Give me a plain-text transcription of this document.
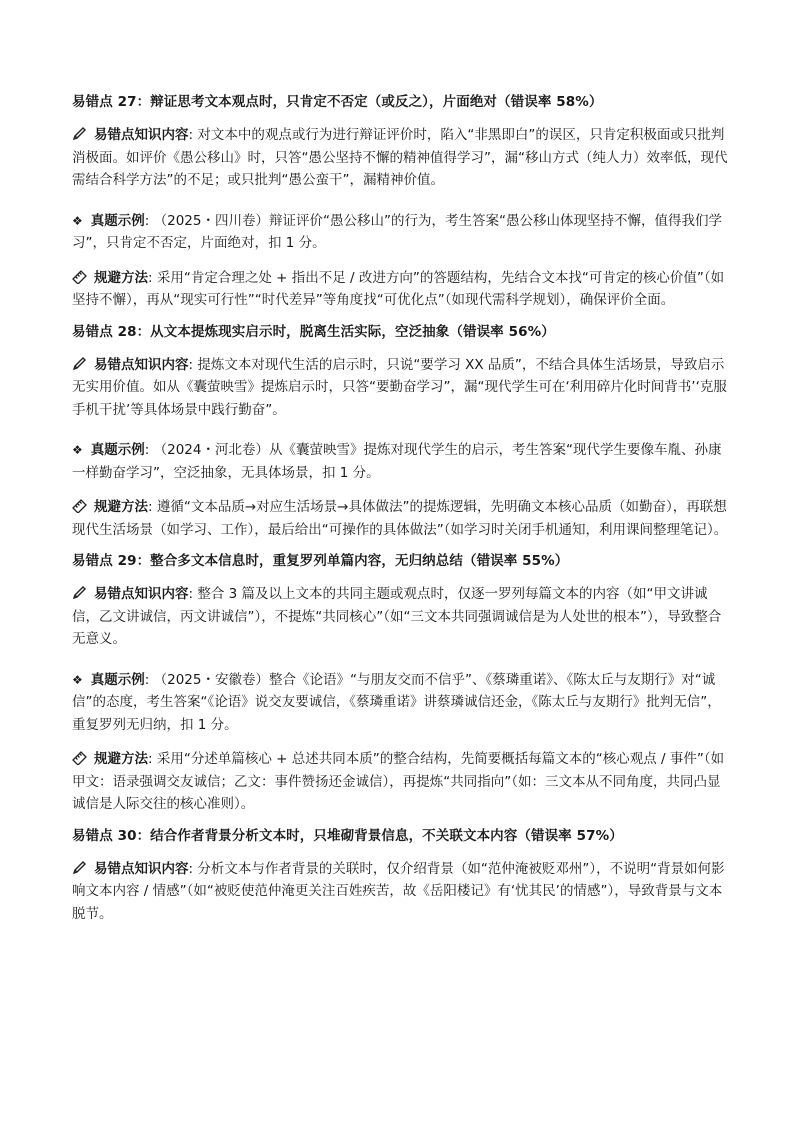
易错点 27：辩证思考文本观点时，只肯定不否定（或反之），片面绝对（错误率 58%）

易错点知识内容: 对文本中的观点或行为进行辩证评价时，陷入“非黑即白”的误区，只肯定积极面或只批判消极面。如评价《愚公移山》时，只答“愚公坚持不懈的精神值得学习”，漏“移山方式（纯人力）效率低，现代需结合科学方法”的不足；或只批判“愚公蛮干”，漏精神价值。

❖ 真题示例: （2025・四川卷）辩证评价“愚公移山”的行为，考生答案“愚公移山体现坚持不懈，值得我们学习”，只肯定不否定，片面绝对，扣 1 分。

规避方法: 采用“肯定合理之处 + 指出不足 / 改进方向”的答题结构，先结合文本找“可肯定的核心价值”（如坚持不懈），再从“现实可行性”“时代差异”等角度找“可优化点”（如现代需科学规划），确保评价全面。

易错点 28：从文本提炼现实启示时，脱离生活实际，空泛抽象（错误率 56%）

易错点知识内容: 提炼文本对现代生活的启示时，只说“要学习 XX 品质”，不结合具体生活场景，导致启示无实用价值。如从《囊萤映雪》提炼启示时，只答“要勤奋学习”，漏“现代学生可在‘利用碎片化时间背书’‘克服手机干扰’等具体场景中践行勤奋”。

❖ 真题示例: （2024・河北卷）从《囊萤映雪》提炼对现代学生的启示，考生答案“现代学生要像车胤、孙康一样勤奋学习”，空泛抽象，无具体场景，扣 1 分。

规避方法: 遵循“文本品质→对应生活场景→具体做法”的提炼逻辑，先明确文本核心品质（如勤奋），再联想现代生活场景（如学习、工作），最后给出“可操作的具体做法”（如学习时关闭手机通知，利用课间整理笔记）。

易错点 29：整合多文本信息时，重复罗列单篇内容，无归纳总结（错误率 55%）

易错点知识内容: 整合 3 篇及以上文本的共同主题或观点时，仅逐一罗列每篇文本的内容（如“甲文讲诚信，乙文讲诚信，丙文讲诚信”），不提炼“共同核心”（如“三文本共同强调诚信是为人处世的根本”），导致整合无意义。

❖ 真题示例: （2025・安徽卷）整合《论语》“与朋友交而不信乎”、《蔡璘重诺》、《陈太丘与友期行》对“诚信”的态度，考生答案“《论语》说交友要诚信，《蔡璘重诺》讲蔡璘诚信还金，《陈太丘与友期行》批判无信”，重复罗列无归纳，扣 1 分。

规避方法: 采用“分述单篇核心 + 总述共同本质”的整合结构，先简要概括每篇文本的“核心观点 / 事件”（如甲文：语录强调交友诚信；乙文：事件赞扬还金诚信），再提炼“共同指向”（如：三文本从不同角度，共同凸显诚信是人际交往的核心准则）。

易错点 30：结合作者背景分析文本时，只堆砌背景信息，不关联文本内容（错误率 57%）

易错点知识内容: 分析文本与作者背景的关联时，仅介绍背景（如“范仲淹被贬邓州”），不说明“背景如何影响文本内容 / 情感”（如“被贬使范仲淹更关注百姓疾苦，故《岳阳楼记》有‘忧其民’的情感”），导致背景与文本脱节。
